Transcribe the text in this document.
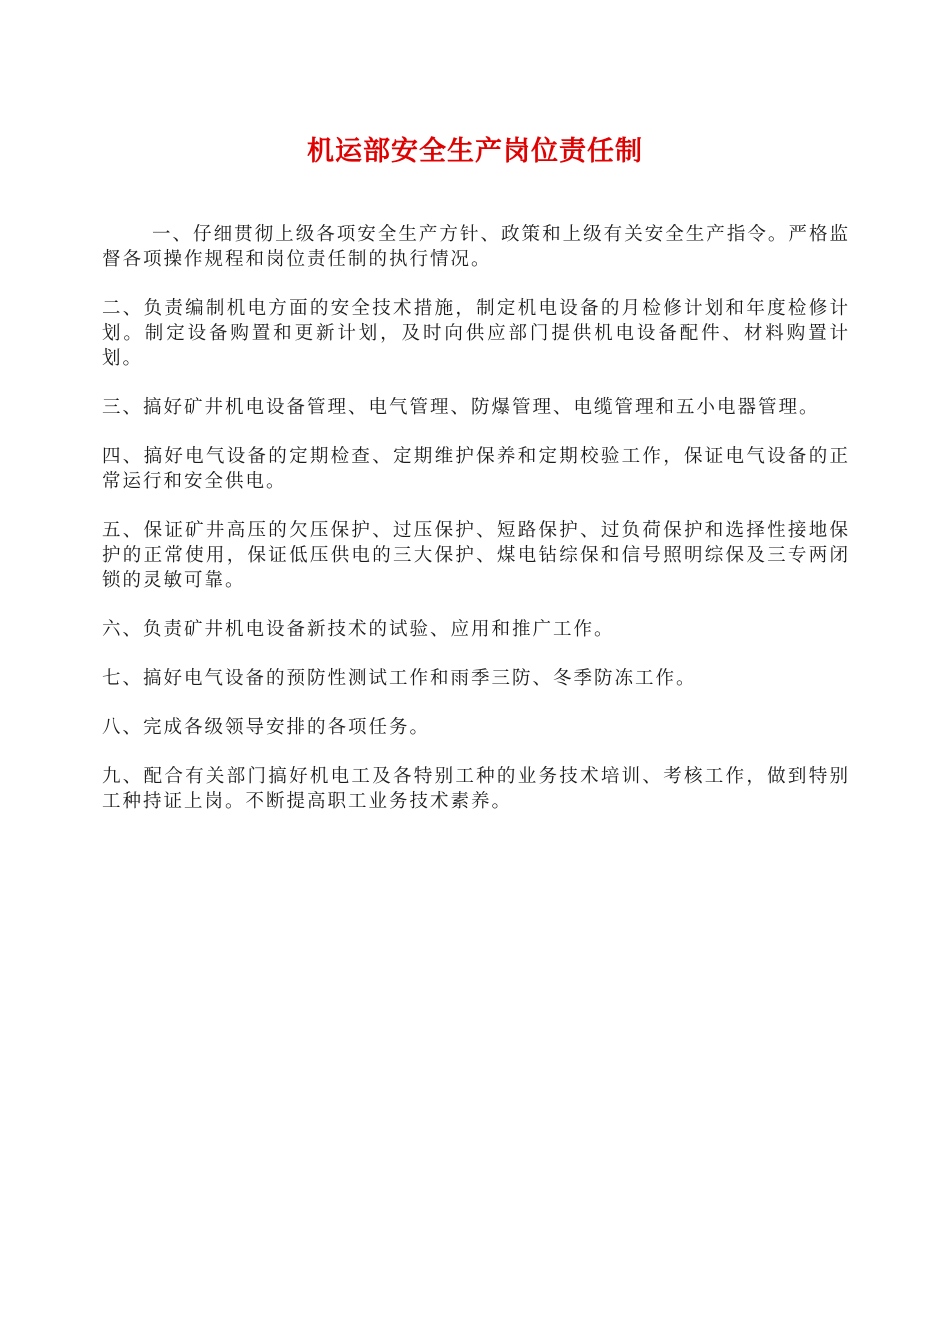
机运部安全生产岗位责任制

一、仔细贯彻上级各项安全生产方针、政策和上级有关安全生产指令。严格监督各项操作规程和岗位责任制的执行情况。

二、负责编制机电方面的安全技术措施，制定机电设备的月检修计划和年度检修计划。制定设备购置和更新计划，及时向供应部门提供机电设备配件、材料购置计划。

三、搞好矿井机电设备管理、电气管理、防爆管理、电缆管理和五小电器管理。

四、搞好电气设备的定期检查、定期维护保养和定期校验工作，保证电气设备的正常运行和安全供电。

五、保证矿井高压的欠压保护、过压保护、短路保护、过负荷保护和选择性接地保护的正常使用，保证低压供电的三大保护、煤电钻综保和信号照明综保及三专两闭锁的灵敏可靠。

六、负责矿井机电设备新技术的试验、应用和推广工作。

七、搞好电气设备的预防性测试工作和雨季三防、冬季防冻工作。

八、完成各级领导安排的各项任务。

九、配合有关部门搞好机电工及各特别工种的业务技术培训、考核工作，做到特别工种持证上岗。不断提高职工业务技术素养。
